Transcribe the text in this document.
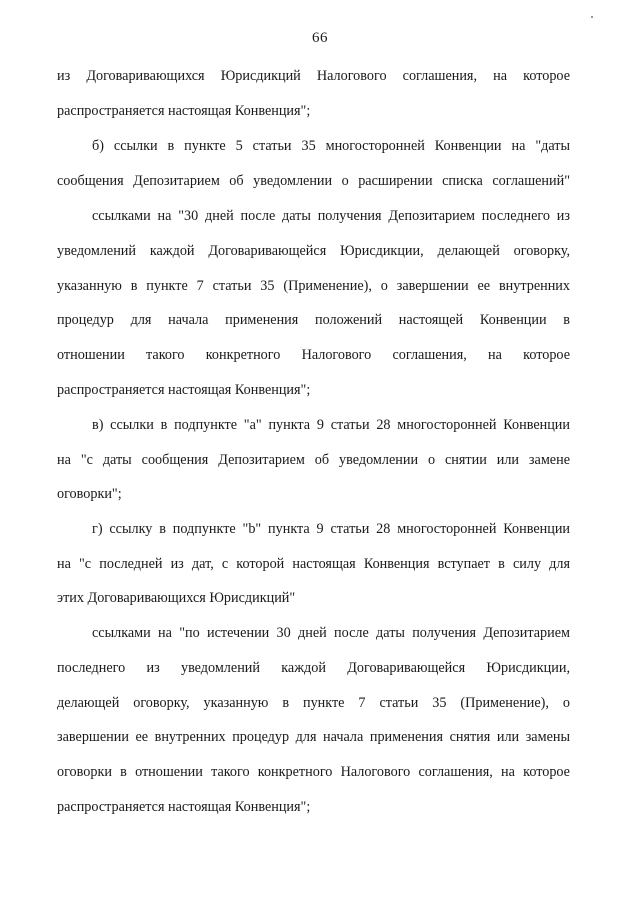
66
из Договаривающихся Юрисдикций Налогового соглашения, на которое
распространяется настоящая Конвенция";
б) ссылки в пункте 5 статьи 35 многосторонней Конвенции на "даты
сообщения Депозитарием об уведомлении о расширении списка соглашений"
ссылками на "30 дней после даты получения Депозитарием последнего из
уведомлений каждой Договаривающейся Юрисдикции, делающей оговорку,
указанную в пункте 7 статьи 35 (Применение), о завершении ее внутренних
процедур для начала применения положений настоящей Конвенции в
отношении такого конкретного Налогового соглашения, на которое
распространяется настоящая Конвенция";
в) ссылки в подпункте "а" пункта 9 статьи 28 многосторонней Конвенции
на "с даты сообщения Депозитарием об уведомлении о снятии или замене
оговорки";
г) ссылку в подпункте "b" пункта 9 статьи 28 многосторонней Конвенции
на "с последней из дат, с которой настоящая Конвенция вступает в силу для
этих Договаривающихся Юрисдикций"
ссылками на "по истечении 30 дней после даты получения Депозитарием
последнего из уведомлений каждой Договаривающейся Юрисдикции,
делающей оговорку, указанную в пункте 7 статьи 35 (Применение), о
завершении ее внутренних процедур для начала применения снятия или замены
оговорки в отношении такого конкретного Налогового соглашения, на которое
распространяется настоящая Конвенция";
